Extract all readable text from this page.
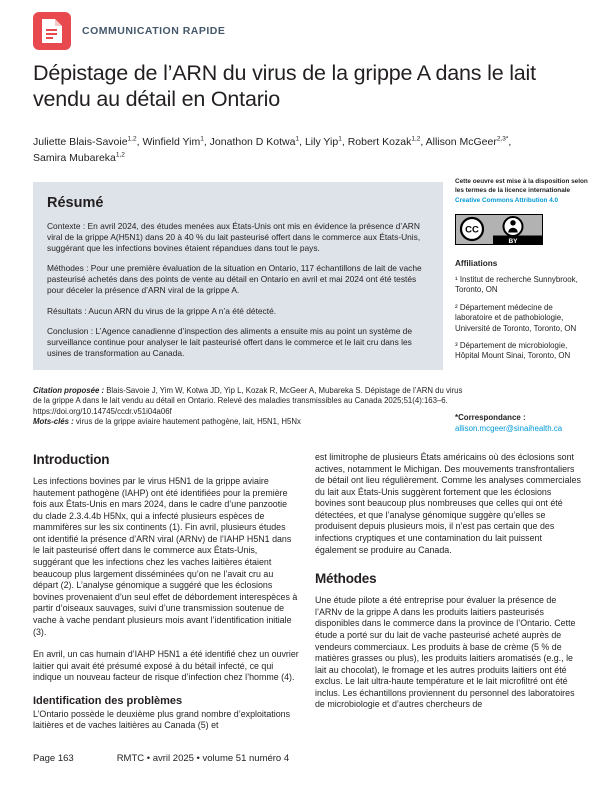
COMMUNICATION RAPIDE
Dépistage de l’ARN du virus de la grippe A dans le lait vendu au détail en Ontario
Juliette Blais-Savoie$^{1,2}$, Winfield Yim$^1$, Jonathon D Kotwa$^1$, Lily Yip$^1$, Robert Kozak$^{1,2}$, Allison McGeer$^{2,3*}$, Samira Mubareka$^{1,2}$
Résumé

Contexte : En avril 2024, des études menées aux États-Unis ont mis en évidence la présence d’ARN viral de la grippe A(H5N1) dans 20 à 40 % du lait pasteurisé offert dans le commerce aux États-Unis, suggérant que les infections bovines étaient répandues dans tout le pays.

Méthodes : Pour une première évaluation de la situation en Ontario, 117 échantillons de lait de vache pasteurisé achetés dans des points de vente au détail en Ontario en avril et mai 2024 ont été testés pour déceler la présence d’ARN viral de la grippe A.

Résultats : Aucun ARN du virus de la grippe A n’a été détecté.

Conclusion : L’Agence canadienne d’inspection des aliments a ensuite mis au point un système de surveillance continue pour analyser le lait pasteurisé offert dans le commerce et le lait cru dans les usines de transformation au Canada.

Citation proposée : Blais-Savoie J, Yim W, Kotwa JD, Yip L, Kozak R, McGeer A, Mubareka S. Dépistage de l’ARN du virus de la grippe A dans le lait vendu au détail en Ontario. Relevé des maladies transmissibles au Canada 2025;51(4):163–6. https://doi.org/10.14745/ccdr.v51i04a06f

Mots-clés : virus de la grippe aviaire hautement pathogène, lait, H5N1, H5Nx

Cette oeuvre est mise à la disposition selon les termes de la licence internationale Creative Commons Attribution 4.0

BY
CC
Affiliations

¹ Institut de recherche Sunnybrook, Toronto, ON

² Département médecine de laboratoire et de pathobiologie, Université de Toronto, Toronto, ON

³ Département de microbiologie, Hôpital Mount Sinai, Toronto, ON

*Correspondance :
allison.mcgeer@sinaihealth.ca
Introduction

Les infections bovines par le virus H5N1 de la grippe aviaire hautement pathogène (IAHP) ont été identifiées pour la première fois aux États-Unis en mars 2024, dans le cadre d’une panzootie du clade 2.3.4.4b H5Nx, qui a infecté plusieurs espèces de mammifères sur les six continents (1). Fin avril, plusieurs études ont identifié la présence d’ARN viral (ARNv) de l’IAHP H5N1 dans le lait pasteurisé offert dans le commerce aux États-Unis, suggérant que les infections chez les vaches laitières étaient beaucoup plus largement disséminées qu’on ne l’avait cru au départ (2). L’analyse génomique a suggéré que les éclosions bovines provenaient d’un seul effet de débordement interespèces à partir d’oiseaux sauvages, suivi d’une transmission soutenue de vache à vache pendant plusieurs mois avant l’identification initiale (3).

En avril, un cas humain d’IAHP H5N1 a été identifié chez un ouvrier laitier qui avait été présumé exposé à du bétail infecté, ce qui indique un nouveau facteur de risque d’infection chez l’homme (4).

Identification des problèmes

L’Ontario possède le deuxième plus grand nombre d’exploitations laitières et de vaches laitières au Canada (5) et

est limitrophe de plusieurs États américains où des éclosions sont actives, notamment le Michigan. Des mouvements transfrontaliers de bétail ont lieu régulièrement. Comme les analyses commerciales du lait aux États-Unis suggèrent fortement que les éclosions bovines sont beaucoup plus nombreuses que celles qui ont été détectées, et que l’analyse génomique suggère qu’elles se produisent depuis plusieurs mois, il n’est pas certain que des infections cryptiques et une contamination du lait puissent également se produire au Canada.

Méthodes

Une étude pilote a été entreprise pour évaluer la présence de l’ARNv de la grippe A dans les produits laitiers pasteurisés disponibles dans le commerce dans la province de l’Ontario. Cette étude a porté sur du lait de vache pasteurisé acheté auprès de vendeurs commerciaux. Les produits à base de crème (5 % de matières grasses ou plus), les produits laitiers aromatisés (e.g., le lait au chocolat), le fromage et les autres produits laitiers ont été exclus. Le lait ultra-haute température et le lait microfiltré ont été inclus. Les échantillons proviennent du personnel des laboratoires de microbiologie et d’autres chercheurs de

Page 163	RMTC • avril 2025 • volume 51 numéro 4
